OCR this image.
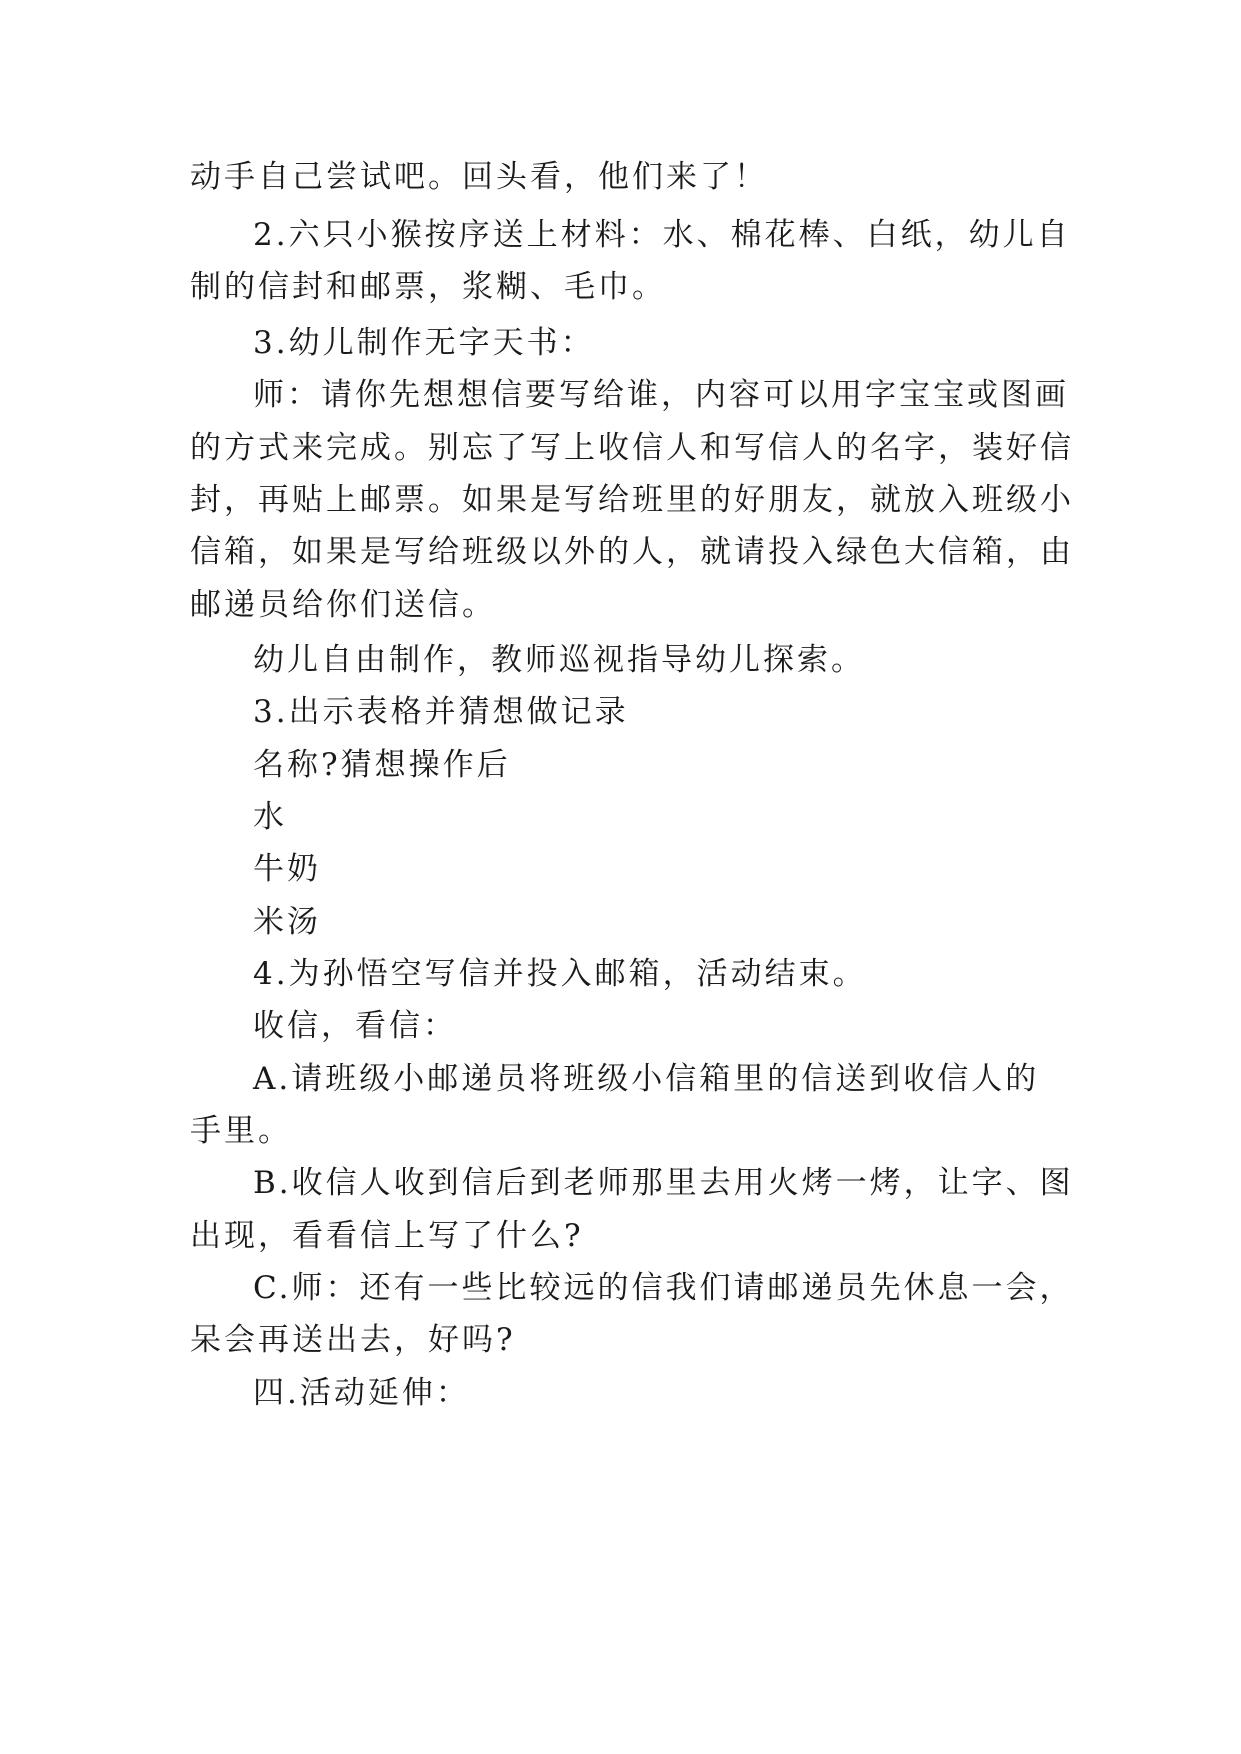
动手自己尝试吧。回头看，他们来了！
2.六只小猴按序送上材料：水、棉花棒、白纸，幼儿自
制的信封和邮票，浆糊、毛巾。
3.幼儿制作无字天书：
师：请你先想想信要写给谁，内容可以用字宝宝或图画
的方式来完成。别忘了写上收信人和写信人的名字，装好信
封，再贴上邮票。如果是写给班里的好朋友，就放入班级小
信箱，如果是写给班级以外的人，就请投入绿色大信箱，由
邮递员给你们送信。
幼儿自由制作，教师巡视指导幼儿探索。
3.出示表格并猜想做记录
名称?猜想操作后
水
牛奶
米汤
4.为孙悟空写信并投入邮箱，活动结束。
收信，看信：
A.请班级小邮递员将班级小信箱里的信送到收信人的
手里。
B.收信人收到信后到老师那里去用火烤一烤，让字、图
出现，看看信上写了什么?
C.师：还有一些比较远的信我们请邮递员先休息一会，
呆会再送出去，好吗?
四.活动延伸：
